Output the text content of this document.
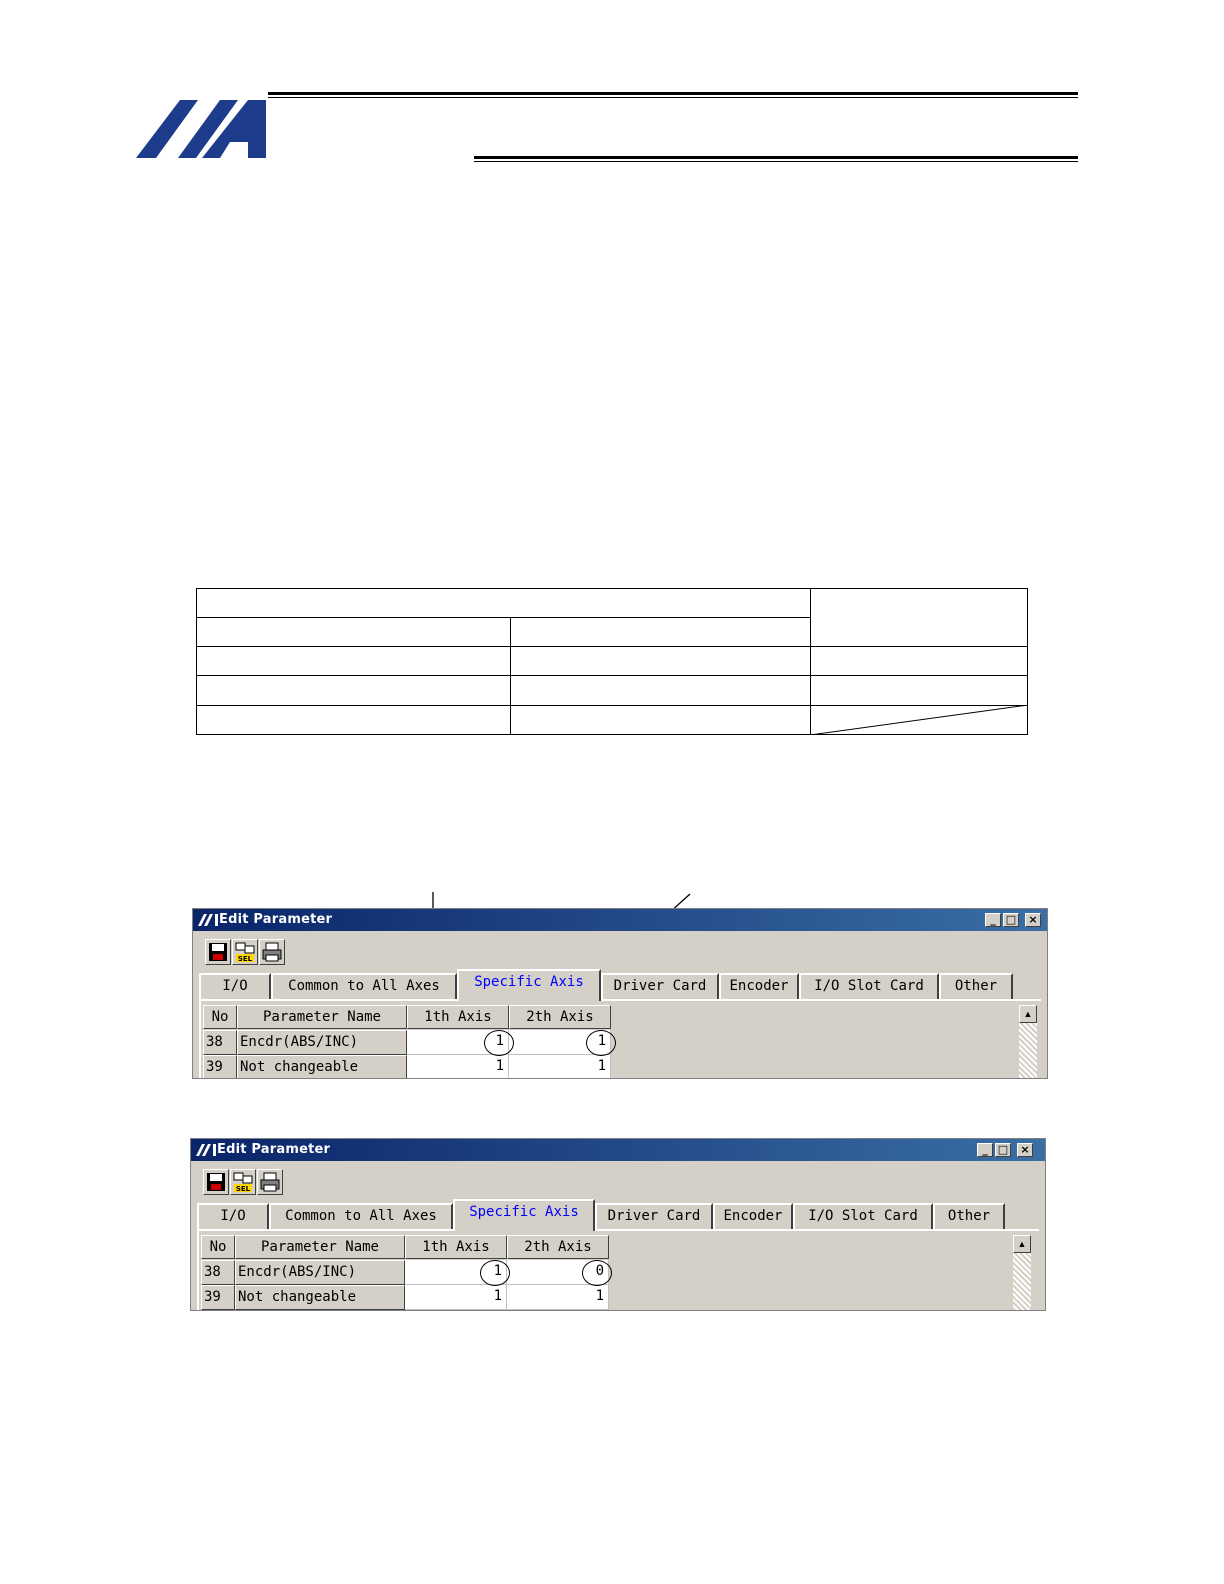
Edit Parameter	_ □	×
SEL
I/O	Common to All Axes	Specific Axis	Driver Card	Encoder	I/O Slot Card	Other
No	Parameter Name	1th Axis	2th Axis
38	Encdr(ABS/INC)	1	1
39	Not changeable	1	1
▲
Edit Parameter	_ □	×
SEL
I/O	Common to All Axes	Specific Axis	Driver Card	Encoder	I/O Slot Card	Other
No	Parameter Name	1th Axis	2th Axis
38	Encdr(ABS/INC)	1	0
39	Not changeable	1	1
▲
